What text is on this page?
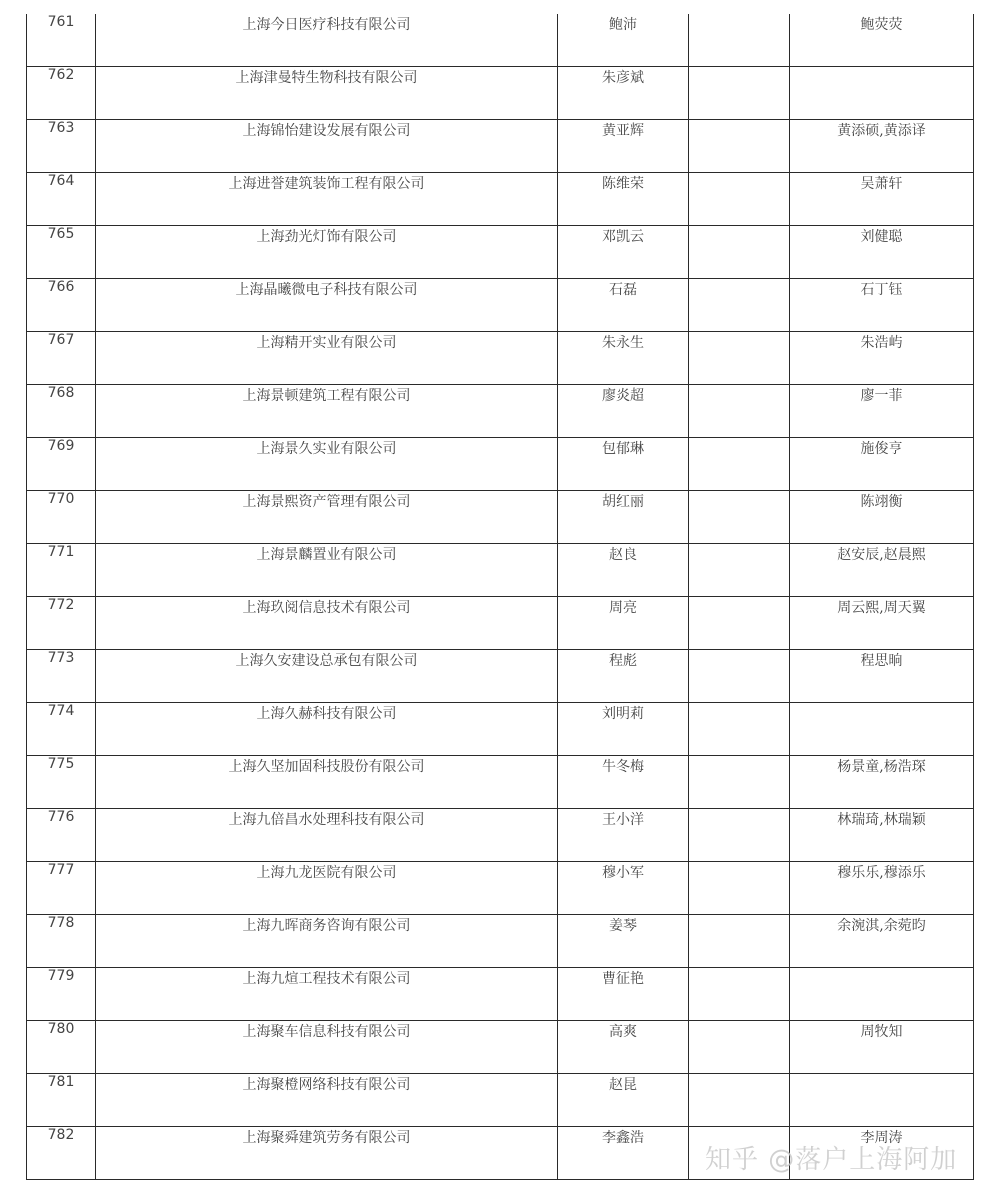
761	上海今日医疗科技有限公司	鲍沛		鲍荧荧
762	上海津曼特生物科技有限公司	朱彦斌		
763	上海锦怡建设发展有限公司	黄亚辉		黄添硕,黄添译
764	上海进誉建筑装饰工程有限公司	陈维荣		吴萧轩
765	上海劲光灯饰有限公司	邓凯云		刘健聪
766	上海晶曦微电子科技有限公司	石磊		石丁钰
767	上海精开实业有限公司	朱永生		朱浩屿
768	上海景顿建筑工程有限公司	廖炎超		廖一菲
769	上海景久实业有限公司	包郁琳		施俊亨
770	上海景熙资产管理有限公司	胡红丽		陈翊衡
771	上海景麟置业有限公司	赵良		赵安辰,赵晨熙
772	上海玖阅信息技术有限公司	周亮		周云熙,周天翼
773	上海久安建设总承包有限公司	程彪		程思晌
774	上海久赫科技有限公司	刘明莉		
775	上海久坚加固科技股份有限公司	牛冬梅		杨景童,杨浩琛
776	上海九倍昌水处理科技有限公司	王小洋		林瑞琦,林瑞颖
777	上海九龙医院有限公司	穆小军		穆乐乐,穆添乐
778	上海九晖商务咨询有限公司	姜琴		余涴淇,余菀昀
779	上海九煊工程技术有限公司	曹征艳		
780	上海聚车信息科技有限公司	高爽		周牧知
781	上海聚橙网络科技有限公司	赵昆		
782	上海聚舜建筑劳务有限公司	李鑫浩		李周涛
知乎 @落户上海阿加
